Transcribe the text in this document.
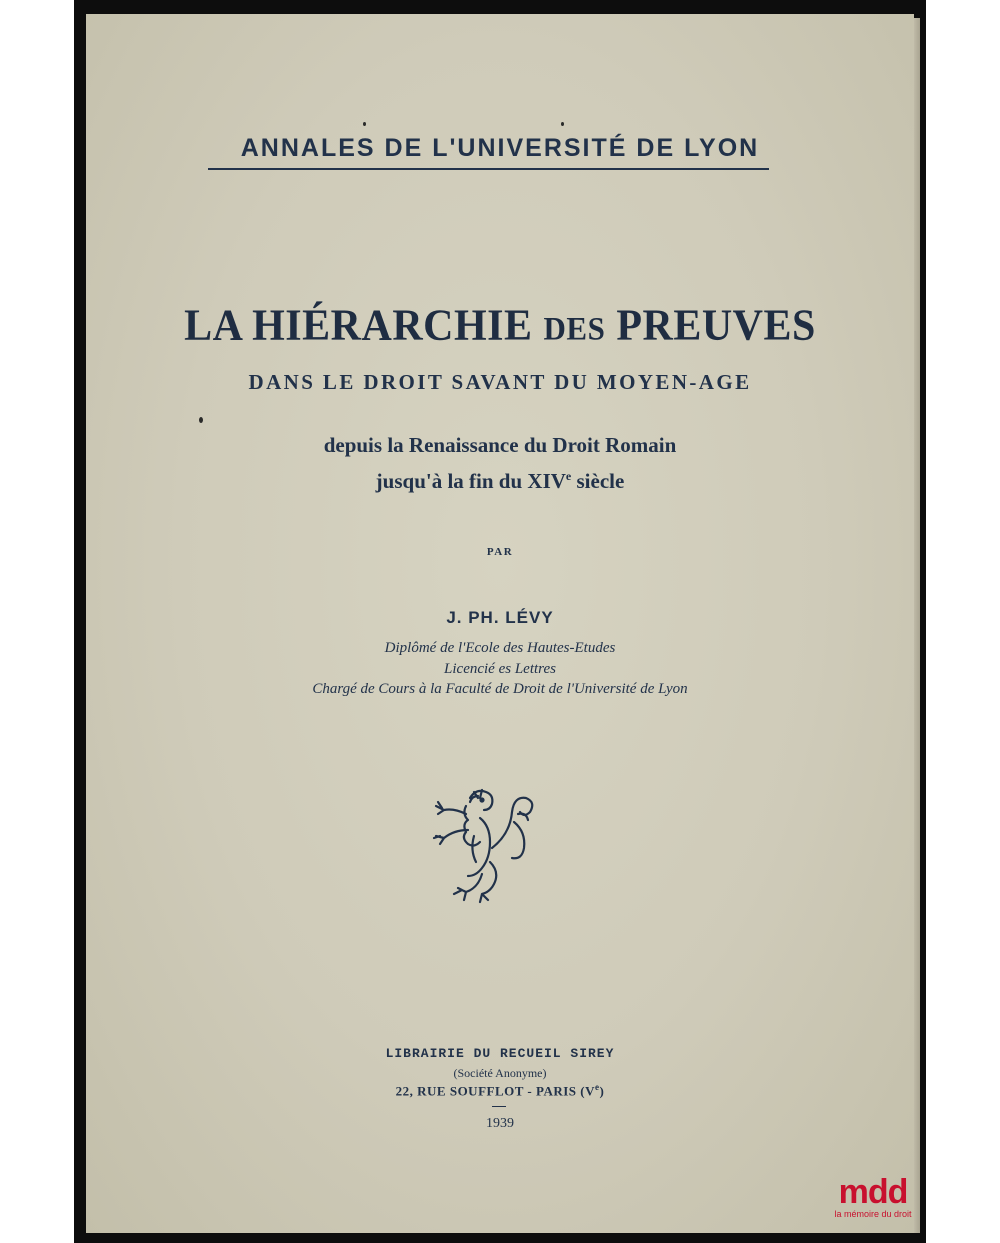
ANNALES DE L'UNIVERSITÉ DE LYON
LA HIÉRARCHIE DES PREUVES
DANS LE DROIT SAVANT DU MOYEN-AGE
depuis la Renaissance du Droit Romain
jusqu'à la fin du XIVe siècle
PAR
J. PH. LÉVY
Diplômé de l'Ecole des Hautes-Etudes
Licencié es Lettres
Chargé de Cours à la Faculté de Droit de l'Université de Lyon
LIBRAIRIE DU RECUEIL SIREY
(Société Anonyme)
22, RUE SOUFFLOT - PARIS (Ve)
1939
mdd
la mémoire du droit
